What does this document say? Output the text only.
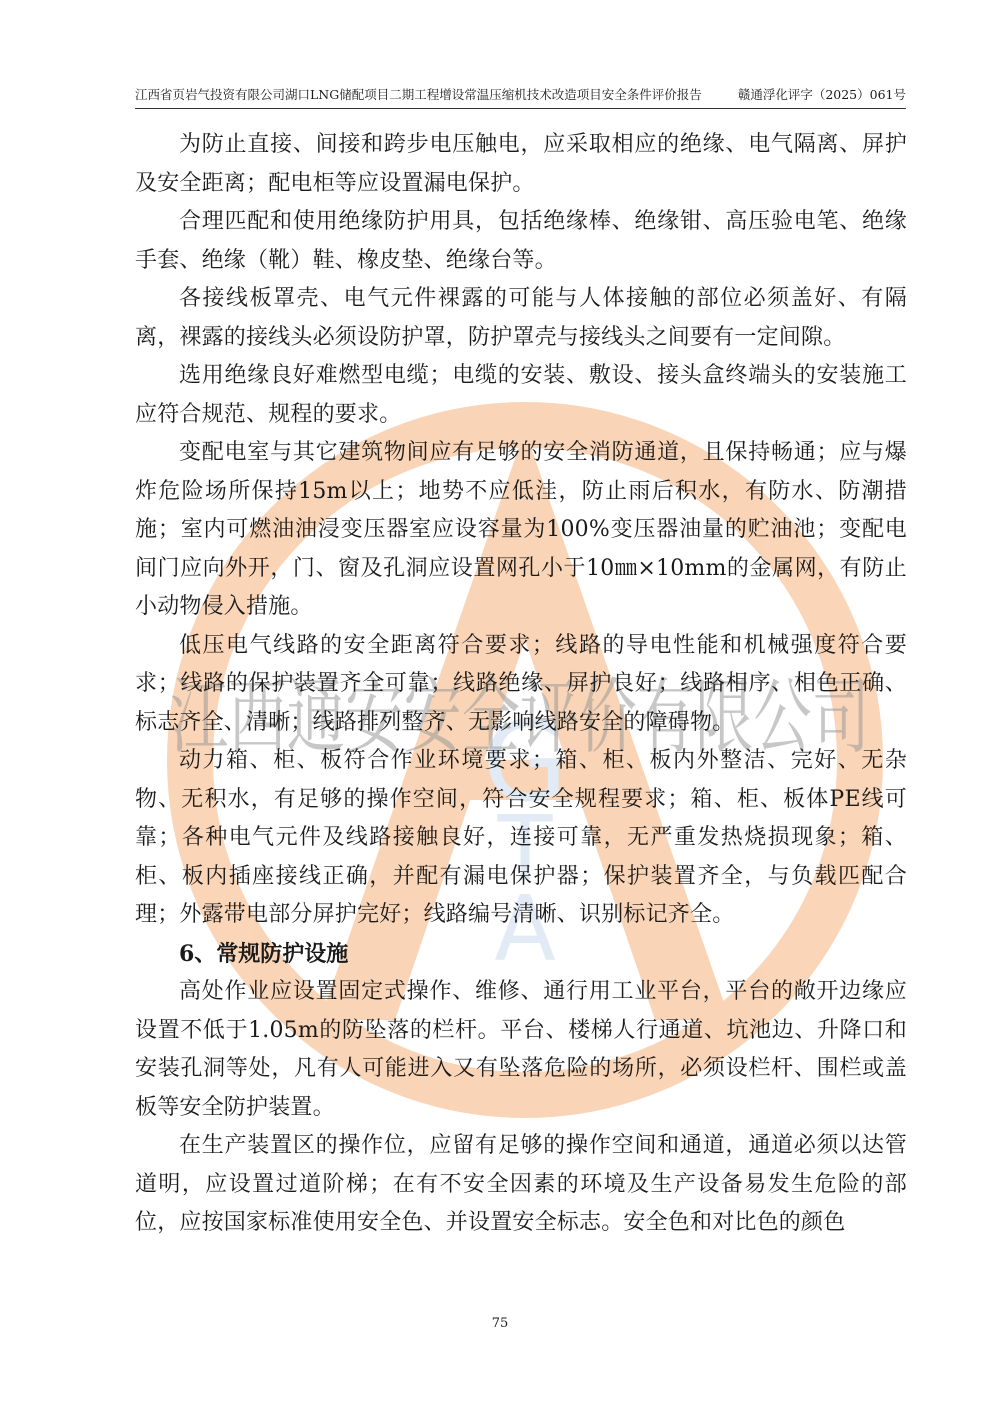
G
T
A
江西通安安全评价有限公司
江西省页岩气投资有限公司湖口LNG储配项目二期工程增设常温压缩机技术改造项目安全条件评价报告	赣通浮化评字（2025）061号

为防止直接、间接和跨步电压触电，应采取相应的绝缘、电气隔离、屏护及安全距离；配电柜等应设置漏电保护。

合理匹配和使用绝缘防护用具，包括绝缘棒、绝缘钳、高压验电笔、绝缘手套、绝缘（靴）鞋、橡皮垫、绝缘台等。

各接线板罩壳、电气元件裸露的可能与人体接触的部位必须盖好、有隔离，裸露的接线头必须设防护罩，防护罩壳与接线头之间要有一定间隙。

选用绝缘良好难燃型电缆；电缆的安装、敷设、接头盒终端头的安装施工应符合规范、规程的要求。

变配电室与其它建筑物间应有足够的安全消防通道，且保持畅通；应与爆炸危险场所保持15m以上；地势不应低洼，防止雨后积水，有防水、防潮措施；室内可燃油油浸变压器室应设容量为100%变压器油量的贮油池；变配电间门应向外开，门、窗及孔洞应设置网孔小于10㎜×10mm的金属网，有防止小动物侵入措施。

低压电气线路的安全距离符合要求；线路的导电性能和机械强度符合要求；线路的保护装置齐全可靠；线路绝缘、屏护良好；线路相序、相色正确、标志齐全、清晰；线路排列整齐、无影响线路安全的障碍物。

动力箱、柜、板符合作业环境要求；箱、柜、板内外整洁、完好、无杂物、无积水，有足够的操作空间，符合安全规程要求；箱、柜、板体PE线可靠；各种电气元件及线路接触良好，连接可靠，无严重发热烧损现象；箱、柜、板内插座接线正确，并配有漏电保护器；保护装置齐全，与负载匹配合理；外露带电部分屏护完好；线路编号清晰、识别标记齐全。

6、常规防护设施

高处作业应设置固定式操作、维修、通行用工业平台，平台的敞开边缘应设置不低于1.05m的防坠落的栏杆。平台、楼梯人行通道、坑池边、升降口和安装孔洞等处，凡有人可能进入又有坠落危险的场所，必须设栏杆、围栏或盖板等安全防护装置。

在生产装置区的操作位，应留有足够的操作空间和通道，通道必须以达管道明，应设置过道阶梯；在有不安全因素的环境及生产设备易发生危险的部位，应按国家标准使用安全色、并设置安全标志。安全色和对比色的颜色

75
